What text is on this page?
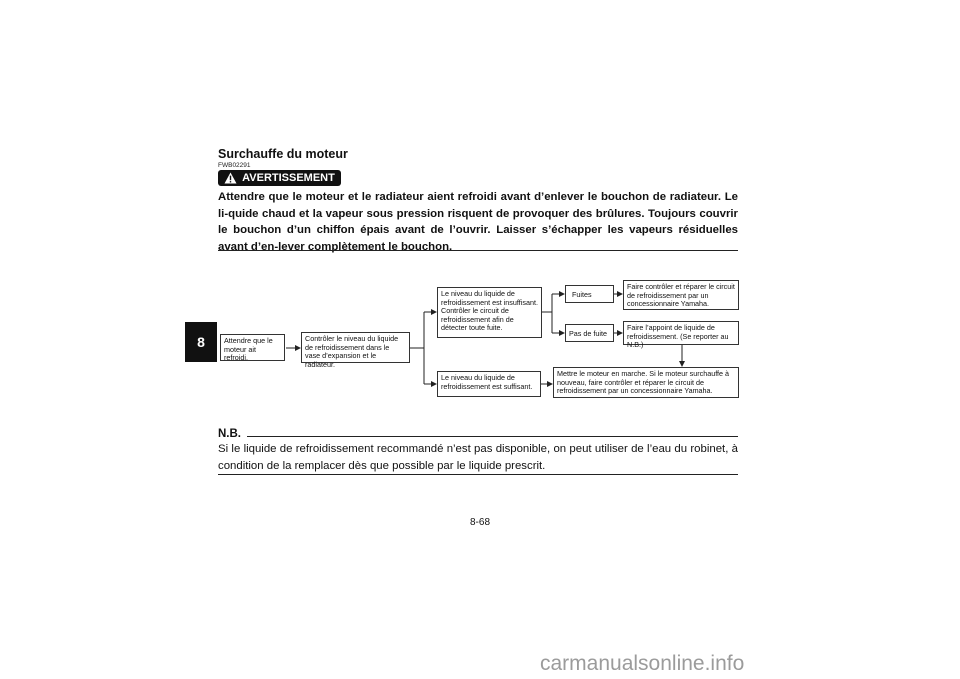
8
Surchauffe du moteur
FWB02291
AVERTISSEMENT
Attendre que le moteur et le radiateur aient refroidi avant d’enlever le bouchon de radiateur. Le li-quide chaud et la vapeur sous pression risquent de provoquer des brûlures. Toujours couvrir le bouchon d’un chiffon épais avant de l’ouvrir. Laisser s’échapper les vapeurs résiduelles avant d’en-lever complètement le bouchon.
Attendre que le moteur ait refroidi.
Contrôler le niveau du liquide de refroidissement dans le vase d’expansion et le radiateur.
Le niveau du liquide de refroidissement est insuffisant. Contrôler le circuit de refroidissement afin de détecter toute fuite.
Le niveau du liquide de refroidissement est suffisant.
Fuites
Pas de fuite
Faire contrôler et réparer le circuit de refroidissement par un concessionnaire Yamaha.
Faire l’appoint de liquide de refroidissement. (Se reporter au N.B.)
Mettre le moteur en marche. Si le moteur surchauffe à nouveau, faire contrôler et réparer le circuit de refroidissement par un concessionnaire Yamaha.
N.B.
Si le liquide de refroidissement recommandé n’est pas disponible, on peut utiliser de l’eau du robinet, à condition de la remplacer dès que possible par le liquide prescrit.
8-68
carmanualsonline.info
